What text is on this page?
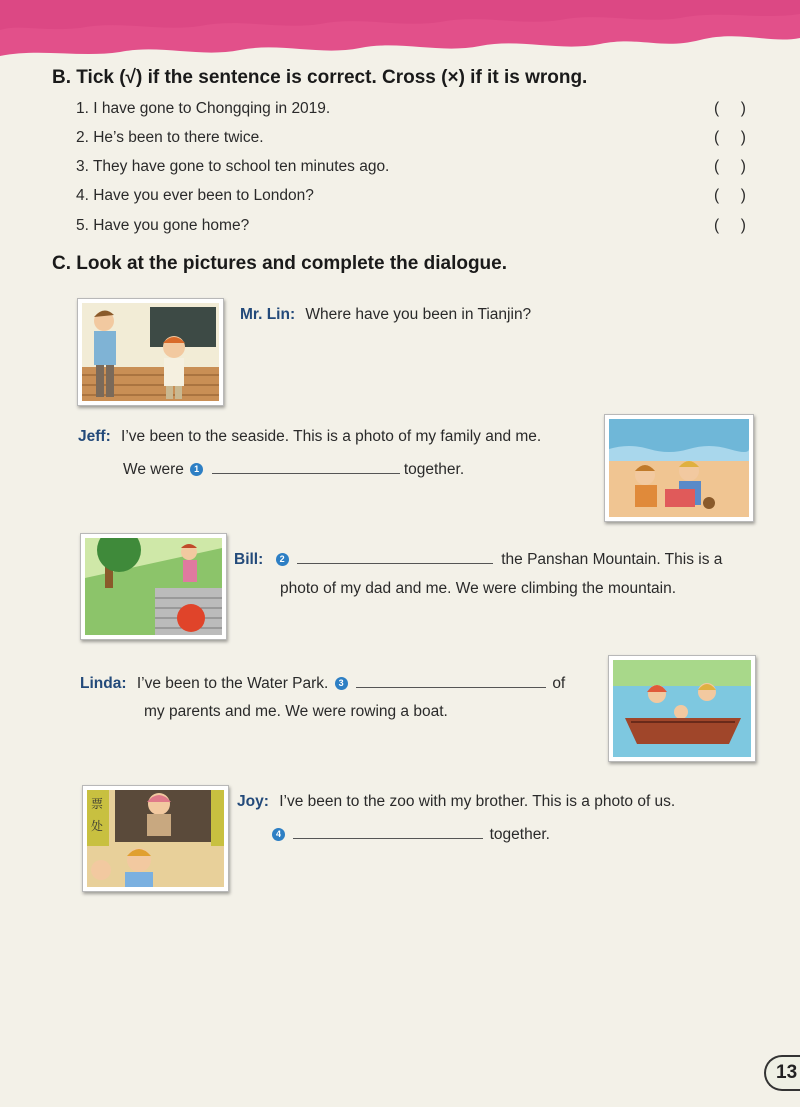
B. Tick (√) if the sentence is correct. Cross (×) if it is wrong.
1. I have gone to Chongqing in 2019.	(     )
2. He’s been to there twice.	(     )
3. They have gone to school ten minutes ago.	(     )
4. Have you ever been to London?	(     )
5. Have you gone home?	(     )
C. Look at the pictures and complete the dialogue.
Mr. Lin: Where have you been in Tianjin?
Jeff: I’ve been to the seaside. This is a photo of my family and me.
We were 1	together.
Bill: 2	the Panshan Mountain. This is a
photo of my dad and me. We were climbing the mountain.
Linda: I’ve been to the Water Park. 3	of
my parents and me. We were rowing a boat.
票
处
Joy: I’ve been to the zoo with my brother. This is a photo of us.
4	together.
13
